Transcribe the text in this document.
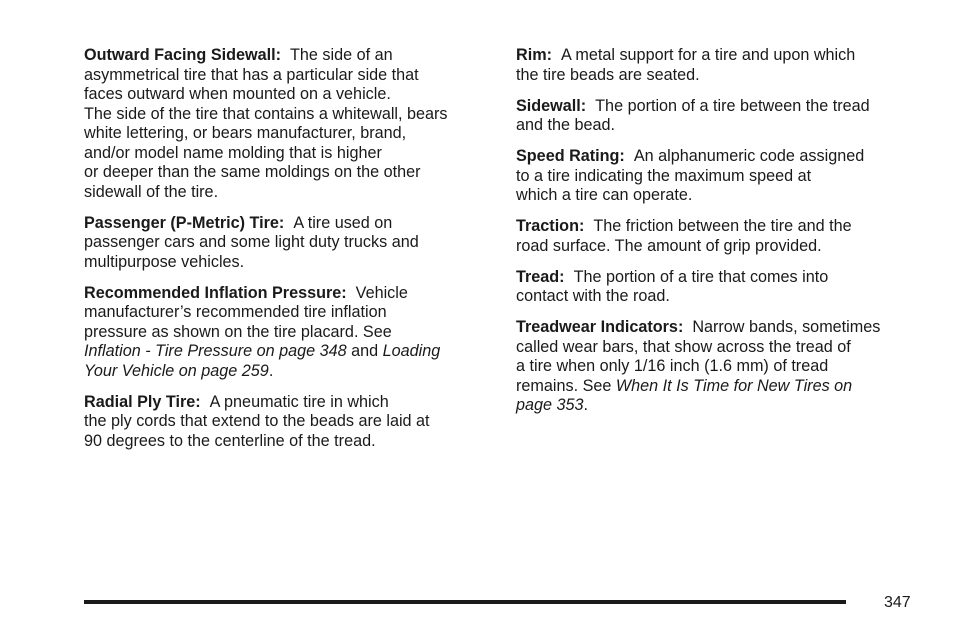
Outward Facing Sidewall: The side of an
asymmetrical tire that has a particular side that
faces outward when mounted on a vehicle.
The side of the tire that contains a whitewall, bears
white lettering, or bears manufacturer, brand,
and/or model name molding that is higher
or deeper than the same moldings on the other
sidewall of the tire.
Passenger (P-Metric) Tire: A tire used on
passenger cars and some light duty trucks and
multipurpose vehicles.
Recommended Inflation Pressure: Vehicle
manufacturer’s recommended tire inflation
pressure as shown on the tire placard. See
Inflation - Tire Pressure on page 348 and Loading
Your Vehicle on page 259.
Radial Ply Tire: A pneumatic tire in which
the ply cords that extend to the beads are laid at
90 degrees to the centerline of the tread.
Rim: A metal support for a tire and upon which
the tire beads are seated.
Sidewall: The portion of a tire between the tread
and the bead.
Speed Rating: An alphanumeric code assigned
to a tire indicating the maximum speed at
which a tire can operate.
Traction: The friction between the tire and the
road surface. The amount of grip provided.
Tread: The portion of a tire that comes into
contact with the road.
Treadwear Indicators: Narrow bands, sometimes
called wear bars, that show across the tread of
a tire when only 1/16 inch (1.6 mm) of tread
remains. See When It Is Time for New Tires on
page 353.
347
